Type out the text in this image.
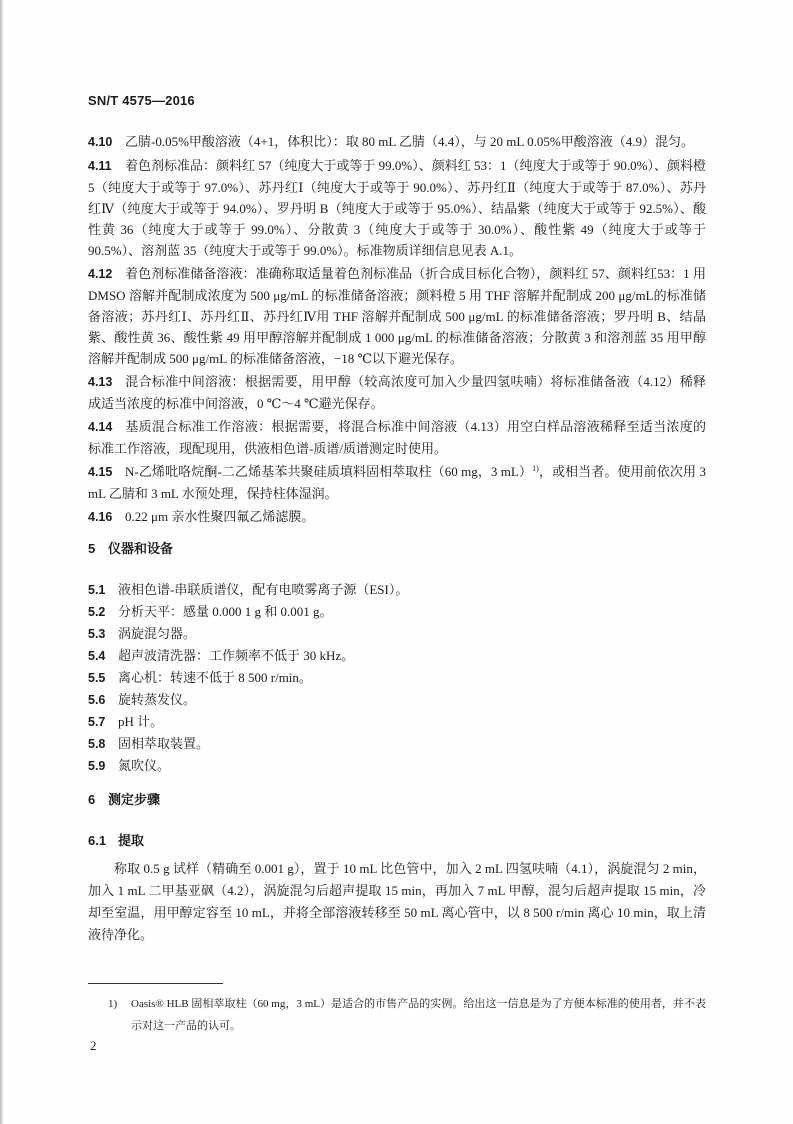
SN/T 4575—2016

4.10 乙腈-0.05%甲酸溶液（4+1，体积比）：取 80 mL 乙腈（4.4），与 20 mL 0.05%甲酸溶液（4.9）混匀。

4.11 着色剂标准品：颜料红 57（纯度大于或等于 99.0%）、颜料红 53：1（纯度大于或等于 90.0%）、颜料橙 5（纯度大于或等于 97.0%）、苏丹红Ⅰ（纯度大于或等于 90.0%）、苏丹红Ⅱ（纯度大于或等于 87.0%）、苏丹红Ⅳ（纯度大于或等于 94.0%）、罗丹明 B（纯度大于或等于 95.0%）、结晶紫（纯度大于或等于 92.5%）、酸性黄 36（纯度大于或等于 99.0%）、分散黄 3（纯度大于或等于 30.0%）、酸性紫 49（纯度大于或等于 90.5%）、溶剂蓝 35（纯度大于或等于 99.0%）。标准物质详细信息见表 A.1。

4.12 着色剂标准储备溶液：准确称取适量着色剂标准品（折合成目标化合物），颜料红 57、颜料红53：1 用 DMSO 溶解并配制成浓度为 500 μg/mL 的标准储备溶液；颜料橙 5 用 THF 溶解并配制成 200 μg/mL的标准储备溶液；苏丹红Ⅰ、苏丹红Ⅱ、苏丹红Ⅳ用 THF 溶解并配制成 500 μg/mL 的标准储备溶液；罗丹明 B、结晶紫、酸性黄 36、酸性紫 49 用甲醇溶解并配制成 1 000 μg/mL 的标准储备溶液；分散黄 3 和溶剂蓝 35 用甲醇溶解并配制成 500 μg/mL 的标准储备溶液，−18 ℃以下避光保存。

4.13 混合标准中间溶液：根据需要，用甲醇（较高浓度可加入少量四氢呋喃）将标准储备液（4.12）稀释成适当浓度的标准中间溶液，0 ℃～4 ℃避光保存。

4.14 基质混合标准工作溶液：根据需要，将混合标准中间溶液（4.13）用空白样品溶液稀释至适当浓度的标准工作溶液，现配现用，供液相色谱-质谱/质谱测定时使用。

4.15 N-乙烯吡咯烷酮-二乙烯基苯共聚硅质填料固相萃取柱（60 mg，3 mL）$^{1)}$，或相当者。使用前依次用 3 mL 乙腈和 3 mL 水预处理，保持柱体湿润。

4.16 0.22 μm 亲水性聚四氟乙烯滤膜。

5 仪器和设备
5.1 液相色谱-串联质谱仪，配有电喷雾离子源（ESI）。
5.2 分析天平：感量 0.000 1 g 和 0.001 g。
5.3 涡旋混匀器。
5.4 超声波清洗器：工作频率不低于 30 kHz。
5.5 离心机：转速不低于 8 500 r/min。
5.6 旋转蒸发仪。
5.7 pH 计。
5.8 固相萃取装置。
5.9 氮吹仪。
6 测定步骤
6.1 提取

称取 0.5 g 试样（精确至 0.001 g），置于 10 mL 比色管中，加入 2 mL 四氢呋喃（4.1），涡旋混匀 2 min，加入 1 mL 二甲基亚砜（4.2），涡旋混匀后超声提取 15 min，再加入 7 mL 甲醇，混匀后超声提取 15 min，冷却至室温，用甲醇定容至 10 mL，并将全部溶液转移至 50 mL 离心管中，以 8 500 r/min 离心 10 min，取上清液待净化。

1) Oasis® HLB 固相萃取柱（60 mg，3 mL）是适合的市售产品的实例。给出这一信息是为了方便本标准的使用者，并不表示对这一产品的认可。
2
